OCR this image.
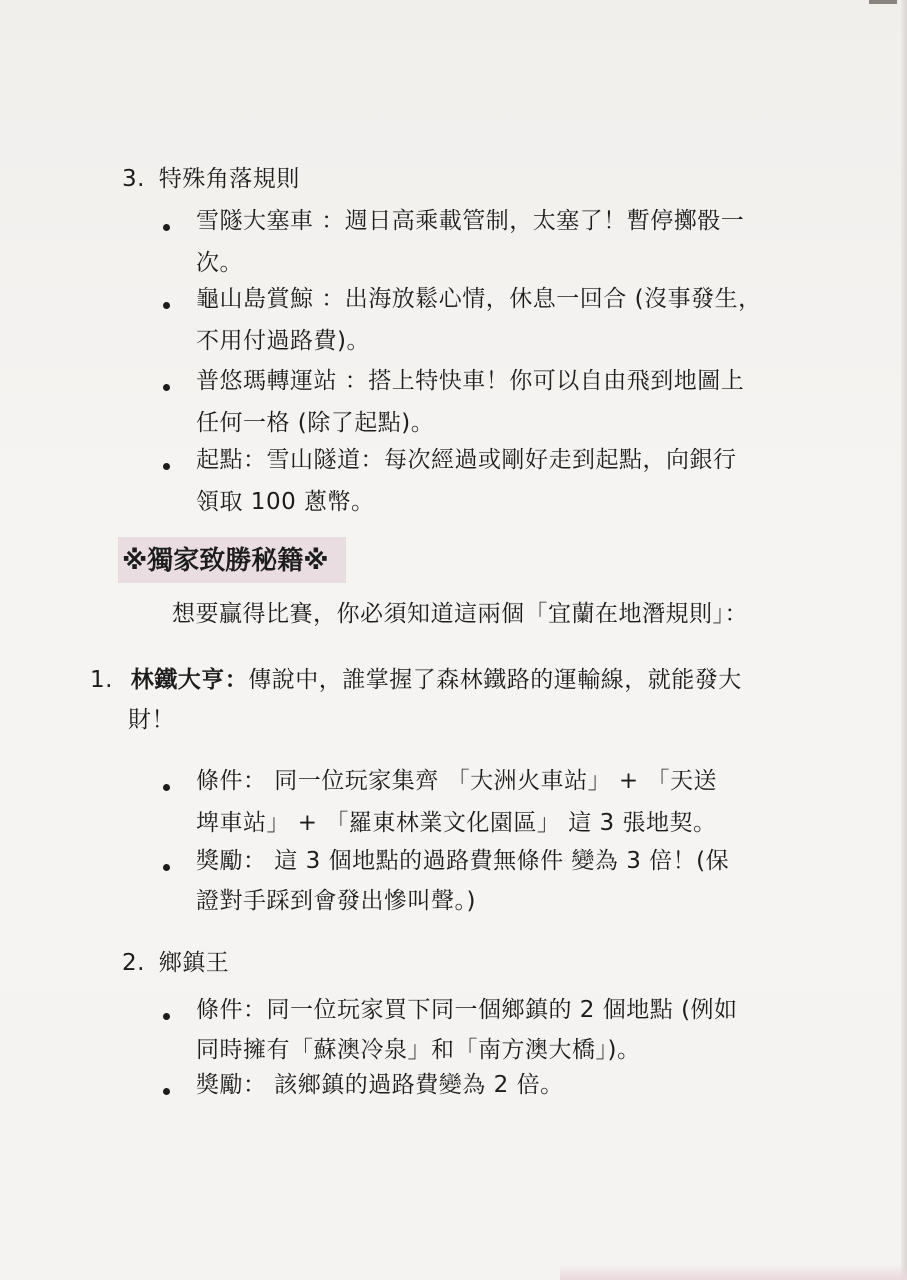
3. 特殊角落規則
雪隧大塞車 ：週日高乘載管制，太塞了！暫停擲骰一
次。
龜山島賞鯨 ：出海放鬆心情，休息一回合 (沒事發生，
不用付過路費)。
普悠瑪轉運站 ：搭上特快車！你可以自由飛到地圖上
任何一格 (除了起點)。
起點：雪山隧道：每次經過或剛好走到起點，向銀行
領取 100 蔥幣。
※獨家致勝秘籍※
想要贏得比賽，你必須知道這兩個「宜蘭在地潛規則」：
1. 林鐵大亨：傳說中，誰掌握了森林鐵路的運輸線，就能發大
財！
條件： 同一位玩家集齊 「大洲火車站」 + 「天送
埤車站」 + 「羅東林業文化園區」 這 3 張地契。
獎勵： 這 3 個地點的過路費無條件 變為 3 倍！(保
證對手踩到會發出慘叫聲。)
2. 鄉鎮王
條件：同一位玩家買下同一個鄉鎮的 2 個地點 (例如
同時擁有「蘇澳冷泉」和「南方澳大橋」)。
獎勵： 該鄉鎮的過路費變為 2 倍。
